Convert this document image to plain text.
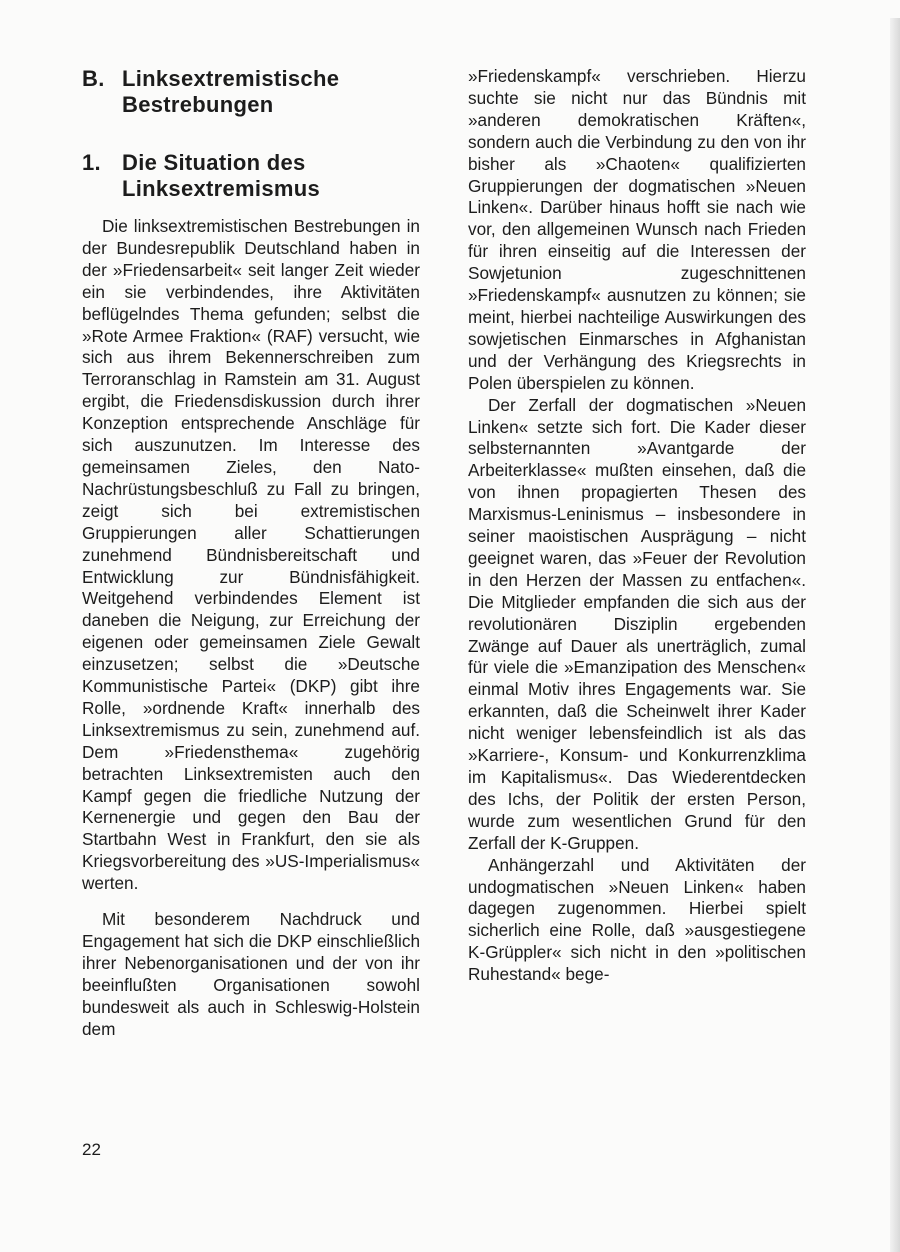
B. Linksextremistische Bestrebungen
1. Die Situation des Linksextremismus

Die linksextremistischen Bestrebungen in der Bundesrepublik Deutschland haben in der »Friedensarbeit« seit langer Zeit wieder ein sie verbindendes, ihre Aktivitäten beflügelndes Thema gefunden; selbst die »Rote Armee Fraktion« (RAF) versucht, wie sich aus ihrem Bekennerschreiben zum Terroranschlag in Ramstein am 31. August ergibt, die Friedensdiskussion durch ihrer Konzeption entsprechende Anschläge für sich auszunutzen. Im Interesse des gemeinsamen Zieles, den Nato-Nachrüstungsbeschluß zu Fall zu bringen, zeigt sich bei extremistischen Gruppierungen aller Schattierungen zunehmend Bündnisbereitschaft und Entwicklung zur Bündnisfähigkeit. Weitgehend verbindendes Element ist daneben die Neigung, zur Erreichung der eigenen oder gemeinsamen Ziele Gewalt einzusetzen; selbst die »Deutsche Kommunistische Partei« (DKP) gibt ihre Rolle, »ordnende Kraft« innerhalb des Linksextremismus zu sein, zunehmend auf. Dem »Friedensthema« zugehörig betrachten Linksextremisten auch den Kampf gegen die friedliche Nutzung der Kernenergie und gegen den Bau der Startbahn West in Frankfurt, den sie als Kriegsvorbereitung des »US-Imperialismus« werten.

Mit besonderem Nachdruck und Engagement hat sich die DKP einschließlich ihrer Nebenorganisationen und der von ihr beeinflußten Organisationen sowohl bundesweit als auch in Schleswig-Holstein dem

»Friedenskampf« verschrieben. Hierzu suchte sie nicht nur das Bündnis mit »anderen demokratischen Kräften«, sondern auch die Verbindung zu den von ihr bisher als »Chaoten« qualifizierten Gruppierungen der dogmatischen »Neuen Linken«. Darüber hinaus hofft sie nach wie vor, den allgemeinen Wunsch nach Frieden für ihren einseitig auf die Interessen der Sowjetunion zugeschnittenen »Friedenskampf« ausnutzen zu können; sie meint, hierbei nachteilige Auswirkungen des sowjetischen Einmarsches in Afghanistan und der Verhängung des Kriegsrechts in Polen überspielen zu können.

Der Zerfall der dogmatischen »Neuen Linken« setzte sich fort. Die Kader dieser selbsternannten »Avantgarde der Arbeiterklasse« mußten einsehen, daß die von ihnen propagierten Thesen des Marxismus-Leninismus – insbesondere in seiner maoistischen Ausprägung – nicht geeignet waren, das »Feuer der Revolution in den Herzen der Massen zu entfachen«. Die Mitglieder empfanden die sich aus der revolutionären Disziplin ergebenden Zwänge auf Dauer als unerträglich, zumal für viele die »Emanzipation des Menschen« einmal Motiv ihres Engagements war. Sie erkannten, daß die Scheinwelt ihrer Kader nicht weniger lebensfeindlich ist als das »Karriere-, Konsum- und Konkurrenzklima im Kapitalismus«. Das Wiederentdecken des Ichs, der Politik der ersten Person, wurde zum wesentlichen Grund für den Zerfall der K-Gruppen.

Anhängerzahl und Aktivitäten der undogmatischen »Neuen Linken« haben dagegen zugenommen. Hierbei spielt sicherlich eine Rolle, daß »ausgestiegene K-Grüppler« sich nicht in den »politischen Ruhestand« bege-

22
